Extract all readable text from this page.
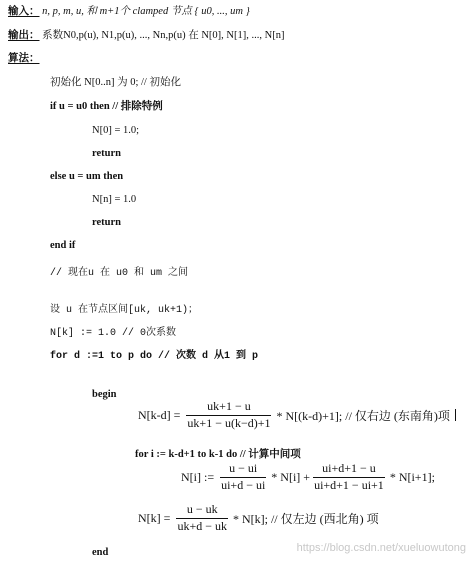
输入： n, p, m, u, 和 m+1个 clamped 节点 { u0, ..., um }
输出： 系数N0,p(u), N1,p(u), ..., Nn,p(u) 在 N[0], N[1], ..., N[n]
算法：
初始化 N[0..n] 为 0; // 初始化
if u = u0 then // 排除特例
N[0] = 1.0;
return
else u = um then
N[n] = 1.0
return
end if
// 现在u 在 u0 和 um 之间
设 u 在节点区间[uk, uk+1)；
N[k] := 1.0 // 0次系数
for d :=1 to p do // 次数 d 从1 到 p
begin
$N[k-d] = \frac{uk+1 - u}{uk+1 - u(k-d)+1} * N[(k-d)+1]$; // 仅右边 (东南角)项
for i := k-d+1 to k-1 do // 计算中间项
N[i] := $\frac{u - ui}{ui+d - ui} * N[i] + \frac{ui+d+1 - u}{ui+d+1 - ui+1} * N[i+1]$;
$N[k] = \frac{u - uk}{uk+d - uk} * N[k]$; // 仅左边 (西北角) 项
end	https://blog.csdn.net/xueluowutong
